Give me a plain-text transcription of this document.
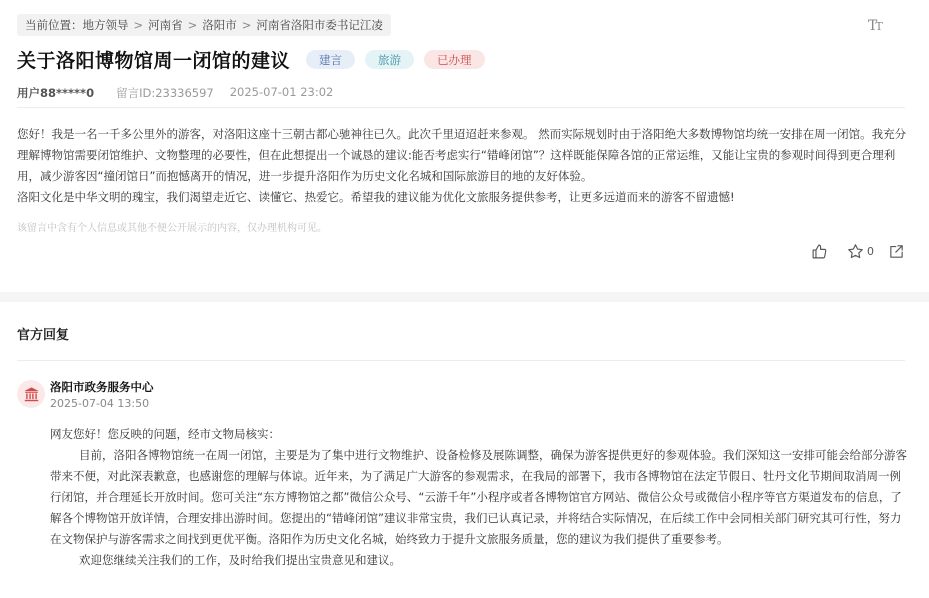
当前位置： 地方领导 > 河南省 > 洛阳市 > 河南省洛阳市委书记江凌	TT
关于洛阳博物馆周一闭馆的建议	建言	旅游	已办理
用户88*****0 留言ID:23336597 2025-07-01 23:02

您好！我是一名一千多公里外的游客，对洛阳这座十三朝古都心驰神往已久。此次千里迢迢赶来参观。 然而实际规划时由于洛阳绝大多数博物馆均统一安排在周一闭馆。我充分理解博物馆需要闭馆维护、文物整理的必要性，但在此想提出一个诚恳的建议:能否考虑实行“错峰闭馆”？这样既能保障各馆的正常运维，又能让宝贵的参观时间得到更合理利用，减少游客因“撞闭馆日”而抱憾离开的情况，进一步提升洛阳作为历史文化名城和国际旅游目的地的友好体验。

洛阳文化是中华文明的瑰宝，我们渴望走近它、读懂它、热爱它。希望我的建议能为优化文旅服务提供参考，让更多远道而来的游客不留遗憾!

该留言中含有个人信息或其他不便公开展示的内容，仅办理机构可见。
0
官方回复
洛阳市政务服务中心
2025-07-04 13:50

网友您好！您反映的问题，经市文物局核实：

目前，洛阳各博物馆统一在周一闭馆，主要是为了集中进行文物维护、设备检修及展陈调整，确保为游客提供更好的参观体验。我们深知这一安排可能会给部分游客带来不便，对此深表歉意，也感谢您的理解与体谅。近年来，为了满足广大游客的参观需求，在我局的部署下，我市各博物馆在法定节假日、牡丹文化节期间取消周一例行闭馆，并合理延长开放时间。您可关注“东方博物馆之都”微信公众号、“云游千年”小程序或者各博物馆官方网站、微信公众号或微信小程序等官方渠道发布的信息，了解各个博物馆开放详情，合理安排出游时间。您提出的“错峰闭馆”建议非常宝贵，我们已认真记录，并将结合实际情况，在后续工作中会同相关部门研究其可行性，努力在文物保护与游客需求之间找到更优平衡。洛阳作为历史文化名城，始终致力于提升文旅服务质量，您的建议为我们提供了重要参考。

欢迎您继续关注我们的工作，及时给我们提出宝贵意见和建议。
